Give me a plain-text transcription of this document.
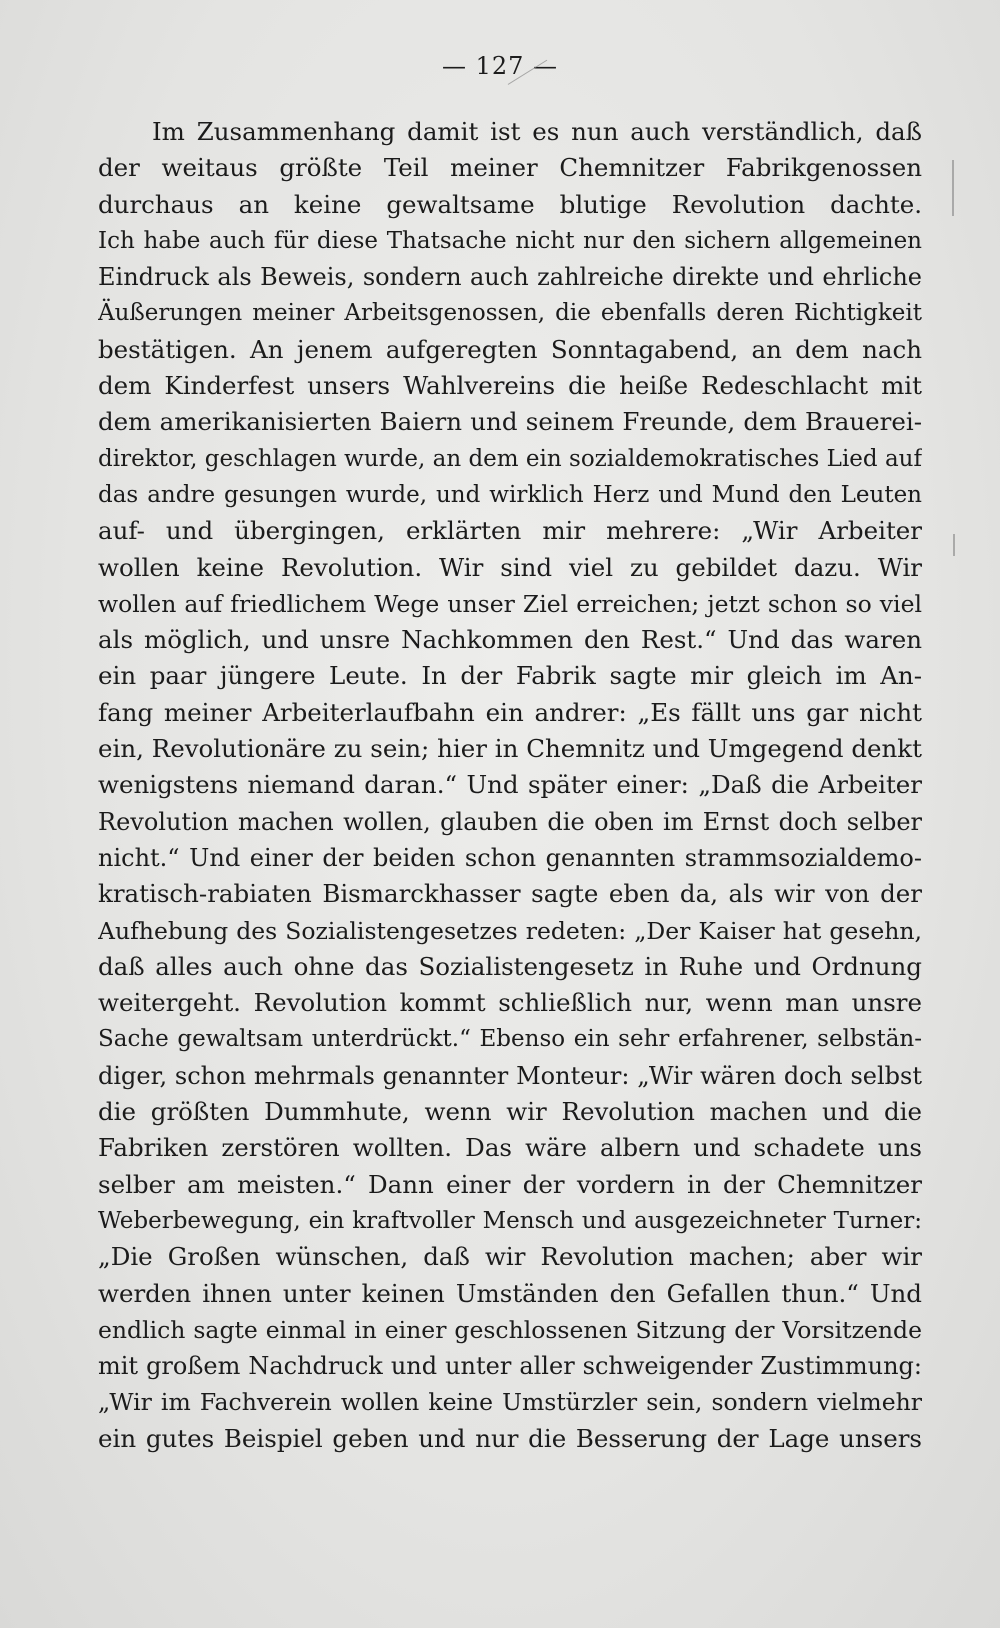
— 127 —
Im Zusammenhang damit ist es nun auch verständlich, daß
der weitaus größte Teil meiner Chemnitzer Fabrikgenossen
durchaus an keine gewaltsame blutige Revolution dachte.
Ich habe auch für diese Thatsache nicht nur den sichern allgemeinen
Eindruck als Beweis, sondern auch zahlreiche direkte und ehrliche
Äußerungen meiner Arbeitsgenossen, die ebenfalls deren Richtigkeit
bestätigen. An jenem aufgeregten Sonntagabend, an dem nach
dem Kinderfest unsers Wahlvereins die heiße Redeschlacht mit
dem amerikanisierten Baiern und seinem Freunde, dem Brauerei-
direktor, geschlagen wurde, an dem ein sozialdemokratisches Lied auf
das andre gesungen wurde, und wirklich Herz und Mund den Leuten
auf- und übergingen, erklärten mir mehrere: „Wir Arbeiter
wollen keine Revolution. Wir sind viel zu gebildet dazu. Wir
wollen auf friedlichem Wege unser Ziel erreichen; jetzt schon so viel
als möglich, und unsre Nachkommen den Rest.“ Und das waren
ein paar jüngere Leute. In der Fabrik sagte mir gleich im An-
fang meiner Arbeiterlaufbahn ein andrer: „Es fällt uns gar nicht
ein, Revolutionäre zu sein; hier in Chemnitz und Umgegend denkt
wenigstens niemand daran.“ Und später einer: „Daß die Arbeiter
Revolution machen wollen, glauben die oben im Ernst doch selber
nicht.“ Und einer der beiden schon genannten strammsozialdemo-
kratisch-rabiaten Bismarckhasser sagte eben da, als wir von der
Aufhebung des Sozialistengesetzes redeten: „Der Kaiser hat gesehn,
daß alles auch ohne das Sozialistengesetz in Ruhe und Ordnung
weitergeht. Revolution kommt schließlich nur, wenn man unsre
Sache gewaltsam unterdrückt.“ Ebenso ein sehr erfahrener, selbstän-
diger, schon mehrmals genannter Monteur: „Wir wären doch selbst
die größten Dummhute, wenn wir Revolution machen und die
Fabriken zerstören wollten. Das wäre albern und schadete uns
selber am meisten.“ Dann einer der vordern in der Chemnitzer
Weberbewegung, ein kraftvoller Mensch und ausgezeichneter Turner:
„Die Großen wünschen, daß wir Revolution machen; aber wir
werden ihnen unter keinen Umständen den Gefallen thun.“ Und
endlich sagte einmal in einer geschlossenen Sitzung der Vorsitzende
mit großem Nachdruck und unter aller schweigender Zustimmung:
„Wir im Fachverein wollen keine Umstürzler sein, sondern vielmehr
ein gutes Beispiel geben und nur die Besserung der Lage unsers
